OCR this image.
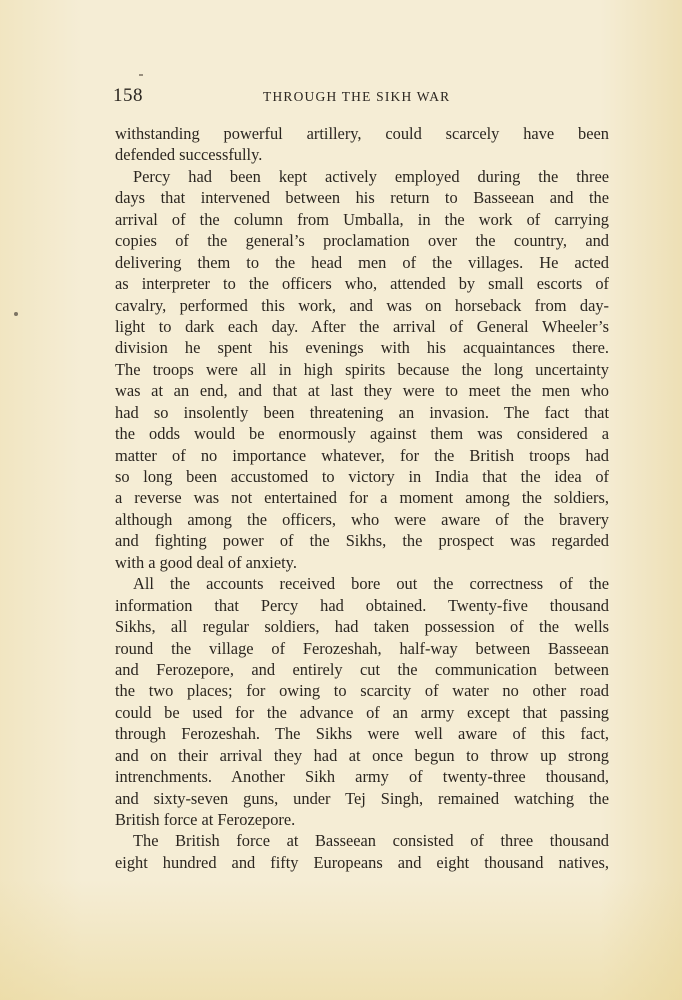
158	THROUGH THE SIKH WAR
withstanding powerful artillery, could scarcely have been
defended successfully.
Percy had been kept actively employed during the three
days that intervened between his return to Basseean and the
arrival of the column from Umballa, in the work of carrying
copies of the general’s proclamation over the country, and
delivering them to the head men of the villages. He acted
as interpreter to the officers who, attended by small escorts of
cavalry, performed this work, and was on horseback from day-
light to dark each day. After the arrival of General Wheeler’s
division he spent his evenings with his acquaintances there.
The troops were all in high spirits because the long uncertainty
was at an end, and that at last they were to meet the men who
had so insolently been threatening an invasion. The fact that
the odds would be enormously against them was considered a
matter of no importance whatever, for the British troops had
so long been accustomed to victory in India that the idea of
a reverse was not entertained for a moment among the soldiers,
although among the officers, who were aware of the bravery
and fighting power of the Sikhs, the prospect was regarded
with a good deal of anxiety.
All the accounts received bore out the correctness of the
information that Percy had obtained. Twenty-five thousand
Sikhs, all regular soldiers, had taken possession of the wells
round the village of Ferozeshah, half-way between Basseean
and Ferozepore, and entirely cut the communication between
the two places; for owing to scarcity of water no other road
could be used for the advance of an army except that passing
through Ferozeshah. The Sikhs were well aware of this fact,
and on their arrival they had at once begun to throw up strong
intrenchments. Another Sikh army of twenty-three thousand,
and sixty-seven guns, under Tej Singh, remained watching the
British force at Ferozepore.
The British force at Basseean consisted of three thousand
eight hundred and fifty Europeans and eight thousand natives,
